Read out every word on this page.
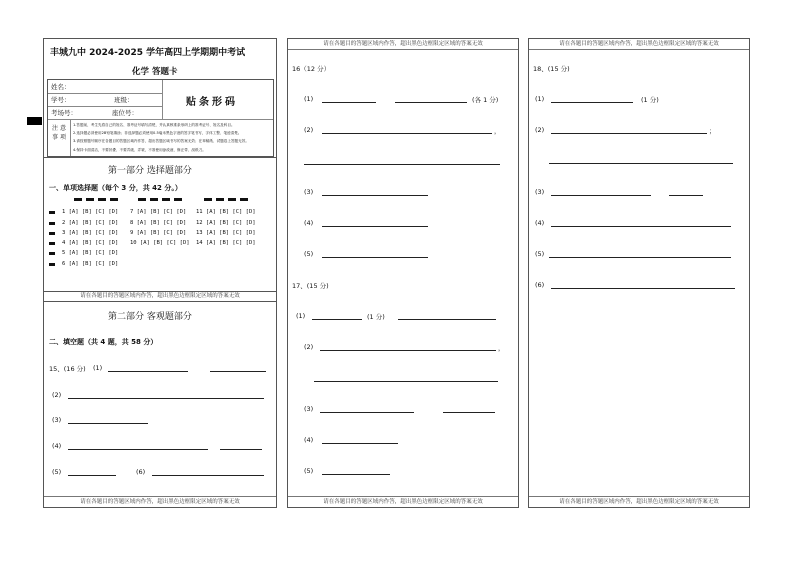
丰城九中 2024-2025 学年高四上学期期中考试
化学 答题卡
姓名：
学号：	班级：
考场号：	座位号：
贴条形码
注 意 事 项
1.答题前，考生先将自己的姓名、准考证号填写清楚，并认真核准条形码上的准考证号、姓名及科目。
2.选择题必须使用2B铅笔填涂；非选择题必须使用0.5毫米黑色字迹的签字笔书写，字体工整、笔迹清楚。
3.请按照题号顺序在各题目的答题区域内作答，超出答题区域书写的答案无效；在草稿纸、试题卷上答题无效。
4.保持卡面清洁，不要折叠、不要弄破、弄皱，不准使用涂改液、修正带、刮纸刀。
第一部分 选择题部分
一、单项选择题（每个 3 分，共 42 分。）
1 [A] [B] [C] [D]
2 [A] [B] [C] [D]
3 [A] [B] [C] [D]
4 [A] [B] [C] [D]
5 [A] [B] [C] [D]
6 [A] [B] [C] [D]
7 [A] [B] [C] [D]
8 [A] [B] [C] [D]
9 [A] [B] [C] [D]
10 [A] [B] [C] [D]
11 [A] [B] [C] [D]
12 [A] [B] [C] [D]
13 [A] [B] [C] [D]
14 [A] [B] [C] [D]
请在各题目的答题区域内作答，超出黑色边框限定区域的答案无效
第二部分 客观题部分
二、填空题（共 4 题，共 58 分）
15、(16 分) (1)
(2)
(3)
(4)
(5)	(6)
请在各题目的答题区域内作答，超出黑色边框限定区域的答案无效
请在各题目的答题区域内作答，超出黑色边框限定区域的答案无效
16（12 分）
(1)	(各 1 分)
(2)	，
(3)
(4)
(5)
17、(15 分)
(1)	(1 分)
(2)	，
(3)
(4)
(5)
请在各题目的答题区域内作答，超出黑色边框限定区域的答案无效
请在各题目的答题区域内作答，超出黑色边框限定区域的答案无效
18、(15 分)
(1)	(1 分)
(2)	；
(3)
(4)
(5)
(6)
请在各题目的答题区域内作答，超出黑色边框限定区域的答案无效
